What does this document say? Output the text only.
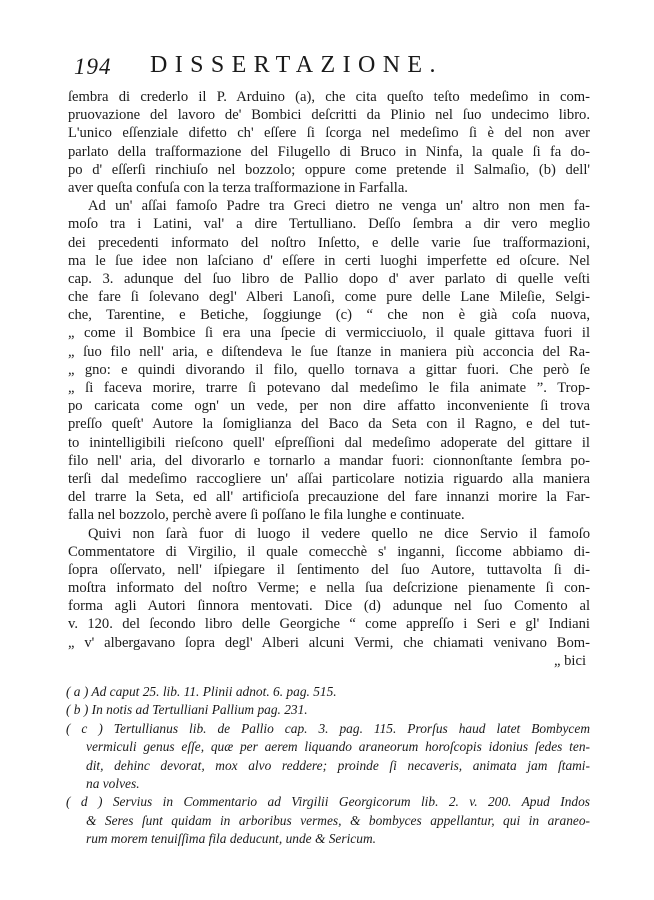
194 DISSERTAZIONE.
ſembra di crederlo il P. Arduino (a), che cita queſto teſto medeſimo in com-
pruovazione del lavoro de' Bombici deſcritti da Plinio nel ſuo undecimo libro.
L'unico eſſenziale difetto ch' eſſere ſi ſcorga nel medeſimo ſi è del non aver
parlato della traſformazione del Filugello di Bruco in Ninfa, la quale ſi fa do-
po d' eſſerſi rinchiuſo nel bozzolo; oppure come pretende il Salmaſio, (b) dell'
aver queſta confuſa con la terza traſformazione in Farfalla.
Ad un' aſſai famoſo Padre tra Greci dietro ne venga un' altro non men fa-
moſo tra i Latini, val' a dire Tertulliano. Deſſo ſembra a dir vero meglio
dei precedenti informato del noſtro Inſetto, e delle varie ſue traſformazioni,
ma le ſue idee non laſciano d' eſſere in certi luoghi imperfette ed oſcure. Nel
cap. 3. adunque del ſuo libro de Pallio dopo d' aver parlato di quelle veſti
che fare ſi ſolevano degl' Alberi Lanoſi, come pure delle Lane Mileſie, Selgi-
che, Tarentine, e Betiche, ſoggiunge (c) “ che non è già coſa nuova,
„ come il Bombice ſi era una ſpecie di vermicciuolo, il quale gittava fuori il
„ ſuo filo nell' aria, e diſtendeva le ſue ſtanze in maniera più acconcia del Ra-
„ gno: e quindi divorando il filo, quello tornava a gittar fuori. Che però ſe
„ ſi faceva morire, trarre ſi potevano dal medeſimo le fila animate ”. Trop-
po caricata come ogn' un vede, per non dire affatto inconveniente ſi trova
preſſo queſt' Autore la ſomiglianza del Baco da Seta con il Ragno, e del tut-
to inintelligibili rieſcono quell' eſpreſſioni dal medeſimo adoperate del gittare il
filo nell' aria, del divorarlo e tornarlo a mandar fuori: cionnonſtante ſembra po-
terſi dal medeſimo raccogliere un' aſſai particolare notizia riguardo alla maniera
del trarre la Seta, ed all' artificioſa precauzione del fare innanzi morire la Far-
falla nel bozzolo, perchè avere ſi poſſano le fila lunghe e continuate.
Quivi non ſarà fuor di luogo il vedere quello ne dice Servio il famoſo
Commentatore di Virgilio, il quale comecchè s' inganni, ſiccome abbiamo di-
ſopra oſſervato, nell' iſpiegare il ſentimento del ſuo Autore, tuttavolta ſi di-
moſtra informato del noſtro Verme; e nella ſua deſcrizione pienamente ſi con-
forma agli Autori ſinnora mentovati. Dice (d) adunque nel ſuo Comento al
v. 120. del ſecondo libro delle Georgiche “ come appreſſo i Seri e gl' Indiani
„ v' albergavano ſopra degl' Alberi alcuni Vermi, che chiamati venivano Bom-
„ bici
( a ) Ad caput 25. lib. 11. Plinii adnot. 6. pag. 515.
( b ) In notis ad Tertulliani Pallium pag. 231.
( c ) Tertullianus lib. de Pallio cap. 3. pag. 115. Prorſus haud latet Bombycem
vermiculi genus eſſe, quæ per aerem liquando araneorum horoſcopis idonius ſedes ten-
dit, dehinc devorat, mox alvo reddere; proinde ſi necaveris, animata jam ſtami-
na volves.
( d ) Servius in Commentario ad Virgilii Georgicorum lib. 2. v. 200. Apud Indos
& Seres ſunt quidam in arboribus vermes, & bombyces appellantur, qui in araneo-
rum morem tenuiſſima fila deducunt, unde & Sericum.
